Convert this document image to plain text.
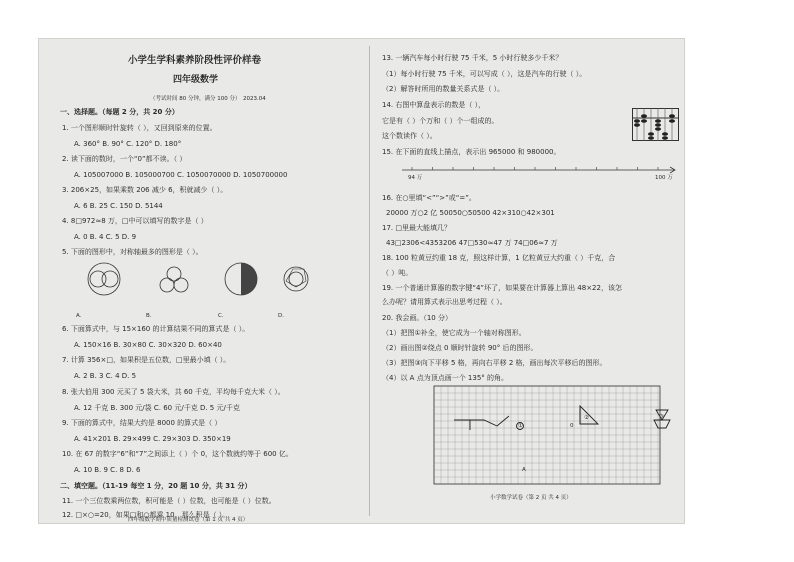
小学生学科素养阶段性评价样卷
四年级数学
（考试时间 80 分钟，满分 100 分） 2023.04
一、选择题。（每题 2 分，共 20 分）
1. 一个图形顺时针旋转（ ），又回到原来的位置。
A. 360° B. 90° C. 120° D. 180°
2. 读下面的数时，一个“0”都不读。（ ）
A. 105007000 B. 105000700 C. 1050070000 D. 1050700000
3. 206×25，如果乘数 206 减少 6，积就减少（ ）。
A. 6 B. 25 C. 150 D. 5144
4. 8□972≈8 万，□中可以填写的数字是（ ）
A. 0 B. 4 C. 5 D. 9
5. 下面的图形中，对称轴最多的图形是（ ）。
A.	B.	C.	D.
6. 下面算式中，与 15×160 的计算结果不同的算式是（ ）。
A. 150×16 B. 30×80 C. 30×320 D. 60×40
7. 计算 356×□，如果积是五位数，□里最小填（ ）。
A. 2 B. 3 C. 4 D. 5
8. 张大伯用 300 元买了 5 袋大米，共 60 千克，平均每千克大米（ ）。
A. 12 千克 B. 300 元/袋 C. 60 元/千克 D. 5 元/千克
9. 下面的算式中，结果大约是 8000 的算式是（ ）
A. 41×201 B. 29×499 C. 29×303 D. 350×19
10. 在 67 的数字“6”和“7”之间添上（ ）个 0，这个数就约等于 600 亿。
A. 10 B. 9 C. 8 D. 6
二、填空题。（11-19 每空 1 分，20 题 10 分，共 31 分）
11. 一个三位数乘两位数，积可能是（ ）位数，也可能是（ ）位数。
12. □×○=20，如果□和○都乘 10，那么积是（ ）。
13. 一辆汽车每小时行驶 75 千米，5 小时行驶多少千米？
（1）每小时行驶 75 千米，可以写成（ ），这是汽车的行驶（ ）。
（2）解答时所用的数量关系式是（ ）。
14. 右图中算盘表示的数是（ ），
它是有（ ）个万和（ ）个一组成的。
这个数读作（ ）。
15. 在下面的直线上描点，表示出 965000 和 980000。
94 万	100 万
16. 在○里填“<”“>”或“=”。
20000 万○2 亿 50050○50500 42×310○42×301
17. □里最大能填几？
43□2306<4353206 47□530≈47 万 74□06≈7 万
18. 100 粒黄豆约重 18 克，照这样计算，1 亿粒黄豆大约重（ ）千克，合
（ ）吨。
19. 一个普通计算器的数字键“4”坏了，如果要在计算器上算出 48×22，该怎
么办呢？请用算式表示出思考过程（ ）。
20. 我会画。（10 分）
（1）把图①补全，使它成为一个轴对称图形。
（2）画出图②绕点 0 顺时针旋转 90° 后的图形。
（3）把图③向下平移 5 格，再向右平移 2 格，画出每次平移后的图形。
（4）以 A 点为顶点画一个 135° 的角。
①
②	③
0
A
小学数学试卷（第 2 页 共 4 页）
四年级数学期中质量检测试卷（第 1 页 共 4 页）
